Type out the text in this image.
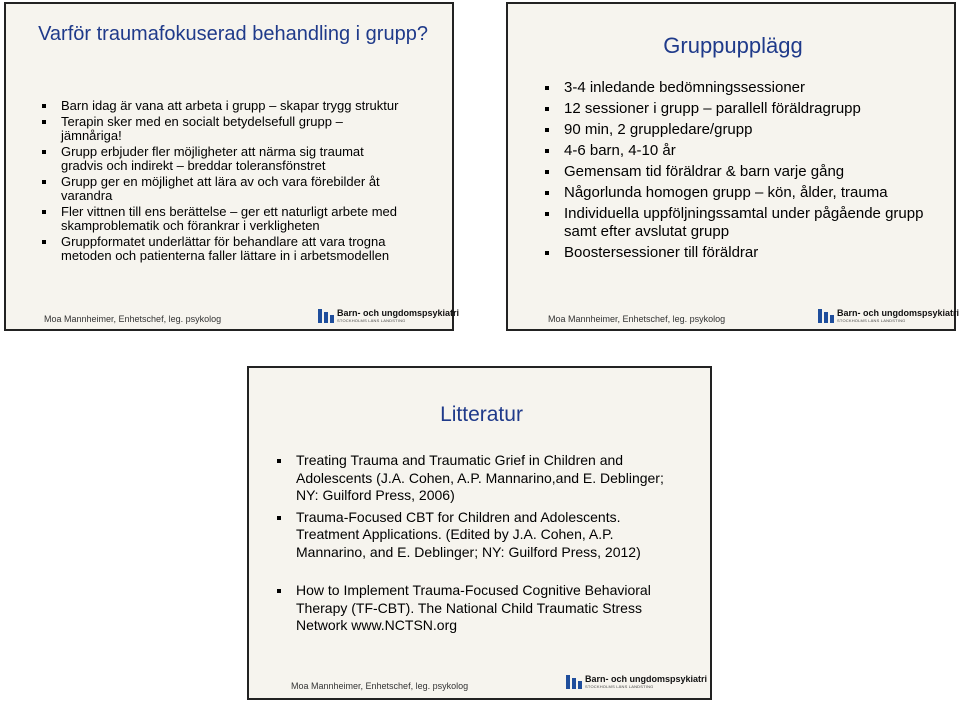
Varför traumafokuserad behandling i grupp?
Barn idag är vana att arbeta i grupp – skapar trygg struktur
Terapin sker med en socialt betydelsefull grupp – jämnåriga!
Grupp erbjuder fler möjligheter att närma sig traumat gradvis och indirekt – breddar toleransfönstret
Grupp ger en möjlighet att lära av och vara förebilder åt varandra
Fler vittnen till ens berättelse – ger ett naturligt arbete med skamproblematik och förankrar i verkligheten
Gruppformatet underlättar för behandlare att vara trogna metoden och patienterna faller lättare in i arbetsmodellen
Moa Mannheimer, Enhetschef, leg. psykolog
Barn- och ungdomspsykiatri
STOCKHOLMS LÄNS LANDSTING
Gruppupplägg
3-4 inledande bedömningssessioner
12 sessioner i grupp – parallell föräldragrupp
90 min, 2 gruppledare/grupp
4-6 barn, 4-10 år
Gemensam tid föräldrar & barn varje gång
Någorlunda homogen grupp – kön, ålder, trauma
Individuella uppföljningssamtal under pågående grupp samt efter avslutat grupp
Boostersessioner till föräldrar
Moa Mannheimer, Enhetschef, leg. psykolog
Barn- och ungdomspsykiatri
STOCKHOLMS LÄNS LANDSTING
Litteratur
Treating Trauma and Traumatic Grief in Children and Adolescents (J.A. Cohen, A.P. Mannarino,and E. Deblinger; NY: Guilford Press, 2006)
Trauma-Focused CBT for Children and Adolescents. Treatment Applications. (Edited by J.A. Cohen, A.P. Mannarino, and E. Deblinger; NY: Guilford Press, 2012)
How to Implement Trauma-Focused Cognitive Behavioral Therapy (TF-CBT). The National Child Traumatic Stress Network www.NCTSN.org
Moa Mannheimer, Enhetschef, leg. psykolog
Barn- och ungdomspsykiatri
STOCKHOLMS LÄNS LANDSTING
